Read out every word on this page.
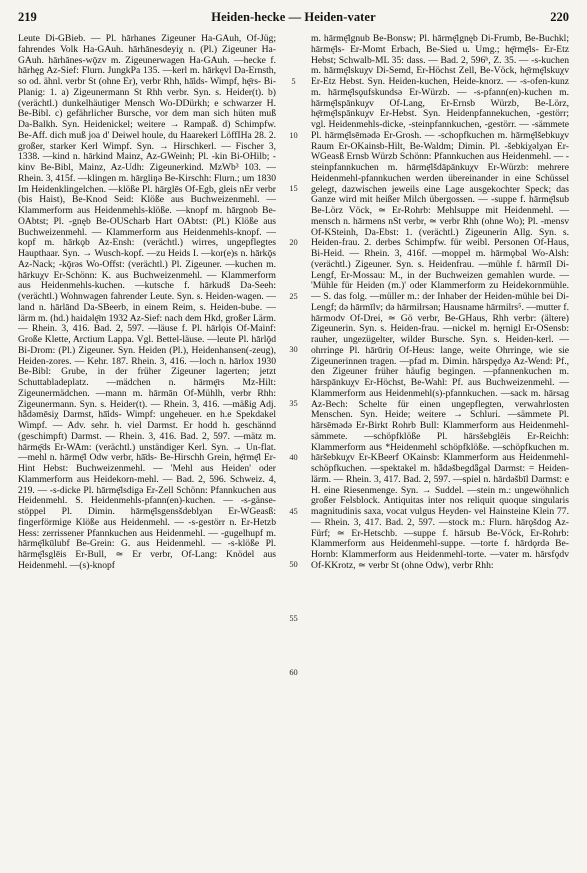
219	Heiden-hecke — Heiden-vater	220

Leute Di-GBieb. — Pl. hārhanes Zigeuner Ha-GAuh, Of-Jüg; fahrendes Volk Ha-GAuh. hārhānesdeyiχ n. (Pl.) Zigeuner Ha-GAuh. hārhānes-wǭzv m. Zigeunerwagen Ha-GAuh. —hecke f. hārhęg Az-Sief: Flurn. JungkPa 135. —kerl m. hārkęvl Da-Ernsth, so od. ähnl. verbr St (ohne Er), verbr Rhh, hā̄ids- Wimpf, hę̄rs- Bi-Planig: 1. a) Zigeunermann St Rhh verbr. Syn. s. Heider(t). b) (verächtl.) dunkelhäutiger Mensch Wo-DDürkh; e schwarzer H. Be-Bibl. c) gefährlicher Bursche, vor dem man sich hüten muß Da-Balkh. Syn. Heidenickel; weitere → Rampaß. d) Schimpfw. Be-Aff. dich muß joa d' Deiwel houle, du Haarekerl LöffIHa 28. 2. großer, starker Kerl Wimpf. Syn. → Hirschkerl. — Fischer 3, 1338. —kind n. hārkind Mainz, Az-GWeinh; Pl. -kin Bi-OHilb; -kinv Be-Bibl, Mainz, Az-Udh: Zigeunerkind. MzWb³ 103. — Rhein. 3, 415f. —klingen m. hārgliŋə Be-Kirschh: Flurn.; um 1830 Im Heidenklingelchen. —klöße Pl. hārglēs Of-Egb, gleis nEr verbr (bis Haist), Be-Knod Seid: Klöße aus Buchweizenmehl. — Klammerform aus Heidenmehls-klöße. —knopf m. hārgnob Be-OAbtst; Pl. -gnęb Be-OUScharb Hart OAbtst: (Pl.) Klöße aus Buchweizenmehl. — Klammerform aus Heidenmehls-knopf. —kopf m. hārkǫb Az-Ensh: (verächtl.) wirres, ungepflegtes Haupthaar. Syn. → Wusch-kopf. —zu Heids I. —kor(e)s n. hārkǭs Az-Nack; -kǭrəs Wo-Offst: (verächtl.) Pl. Zigeuner. —kuchen m. hārkuχv Er-Schönn: K. aus Buchweizenmehl. — Klammerform aus Heidenmehls-kuchen. —kutsche f. hārkudš Da-Seeh: (verächtl.) Wohnwagen fahrender Leute. Syn. s. Heiden-wagen. —land n. hārlānd Da-SBeerb, in einem Reim, s. Heiden-bube. —lärm m. (hd.) haidəlę̄m 1932 Az-Sief: nach dem Hkd, großer Lärm. — Rhein. 3, 416. Bad. 2, 597. —läuse f. Pl. hārlǫis Of-Mainf: Große Klette, Arctium Lappa. Vgl. Bettel-läuse. —leute Pl. hārlǭd Bi-Drom: (Pl.) Zigeuner. Syn. Heiden (Pl.), Heidenhansen(-zeug), Heiden-zores. — Kehr. 187. Rhein. 3, 416. —loch n. hārlox 1930 Be-Bibl: Grube, in der früher Zigeuner lagerten; jetzt Schuttabladeplatz. —mädchen n. hārmę̄rs Mz-Hilt: Zigeunermädchen. —mann m. hārmān Of-Mühlh, verbr Rhh: Zigeunermann. Syn. s. Heider(t). — Rhein. 3, 416. —mäßig Adj. hǟdəmēsiχ Darmst, hā̄ids- Wimpf: ungeheuer. en h.e Spekdakel Wimpf. — Adv. sehr. h. viel Darmst. Er hodd h. geschännd (geschimpft) Darmst. — Rhein. 3, 416. Bad. 2, 597. —mätz m. hārmę̄ds Er-WAm: (verächtl.) unständiger Kerl. Syn. → Un-flat. —mehl n. hārmę̄l Odw verbr, hā̄ds- Be-Hirschh Grein, hę̄rmę̄l Er-Hint Hebst: Buchweizenmehl. — 'Mehl aus Heiden' oder Klammerform aus Heidekorn-mehl. — Bad. 2, 596. Schweiz. 4, 219. — -s-dicke Pl. hārmę̄lsdigə Er-Zell Schönn: Pfannkuchen aus Heidenmehl. S. Heidenmehls-pfann(en)-kuchen. — -s-gänse-stöppel Pl. Dimin. hārmę̄lsgensšdeblχən Er-WGeasß: fingerförmige Klöße aus Heidenmehl. — -s-gestörr n. Er-Hetzb Hess: zerrissener Pfannkuchen aus Heidenmehl. — -gugelhupf m. hārmę̄lkūlubf Be-Grein: G. aus Heidenmehl. — -s-klöße Pl. hārmę̄lsglēis Er-Bull, ≃ Er verbr, Of-Lang: Knödel aus Heidenmehl. —(s)-knopf

5
10
15
20
25
30
35
40
45
50
55
60

m. hārmę̄lgnub Be-Bonsw; Pl. hārmę̄lgnęb Di-Frumb, Be-Buchkl; hārmę̄ls- Er-Momt Erbach, Be-Sied u. Umg.; hę̄rmę̄ls- Er-Etz Hebst; Schwalb-ML 35: dass. — Bad. 2, 596ᵇ, Z. 35. — -s-kuchen m. hārmę̄lskuχv Di-Semd, Er-Höchst Zell, Be-Vöck, hę̄rmę̄lskuχv Er-Etz Hebst. Syn. Heiden-kuchen, Heide-knorz. — -s-ofen-kunz m. hārmę̄lsǫufskundsə Er-Würzb. — -s-pfann(en)-kuchen m. hārmę̄lspānkuχv Of-Lang, Er-Ernsb Würzb, Be-Lörz, hę̄rmę̄lspānkuχv Er-Hebst. Syn. Heidenpfannekuchen, -gestörr; vgl. Heidenmehls-dicke, -steinpfannkuchen, -gestörr. — -sämmete Pl. hārmę̄lsēmədə Er-Grosh. — -schopfkuchen m. hārmę̄lšebkuχv Raum Er-OKainsb-Hilt, Be-Waldm; Dimin. Pl. -šebkiχəlχən Er-WGeasß Ernsb Würzb Schönn: Pfannkuchen aus Heidenmehl. — -steinpfannkuchen m. hārmę̄lšdāpānkuχv Er-Würzb: mehrere Heidenmehl-pfannkuchen werden übereinander in eine Schüssel gelegt, dazwischen jeweils eine Lage ausgekochter Speck; das Ganze wird mit heißer Milch übergossen. — -suppe f. hārmę̄lsub Be-Lörz Vöck, ≃ Er-Rohrb: Mehlsuppe mit Heidenmehl. —mensch n. hārmens nSt verbr, ≃ verbr Rhh (ohne Wo); Pl. -mensv Of-KSteinh, Da-Ebst: 1. (verächtl.) Zigeunerin Allg. Syn. s. Heiden-frau. 2. derbes Schimpfw. für weibl. Personen Of-Haus, Bi-Heid. — Rhein. 3, 416f. —moppel m. hārmǫbəl Wo-Alsh: (verächtl.) Zigeuner. Syn. s. Heidenfrau. —mühle f. hārmīl Di-Lengf, Er-Mossau: M., in der Buchweizen gemahlen wurde. — 'Mühle für Heiden (m.)' oder Klammerform zu Heidekornmühle. — S. das folg. —müller m.: der Inhaber der Heiden-mühle bei Di-Lengf; dǝ hārmīlv; dǝ hārmilrsən; Hausname hārmilrs⁵. —mutter f. hārmodv Of-Drei, ≃ Gö verbr, Be-GHaus, Rhh verbr: (ältere) Zigeunerin. Syn. s. Heiden-frau. —nickel m. hęrnigl Er-OSensb: rauher, ungezügelter, wilder Bursche. Syn. s. Heiden-kerl. —ohrringe Pl. hārūriŋ Of-Heus: lange, weite Ohrringe, wie sie Zigeunerinnen tragen. —pfad m. Dimin. hārspędχə Az-Wend: Pf., den Zigeuner früher häufig begingen. —pfannenkuchen m. hārspānkuχv Er-Höchst, Be-Wahl: Pf. aus Buchweizenmehl. — Klammerform aus Heidenmehl(s)-pfannkuchen. —sack m. hārsag Az-Bech: Schelte für einen ungepflegten, verwahrlosten Menschen. Syn. Heide; weitere → Schluri. —sämmete Pl. hārsēmədə Er-Birkt Rohrb Bull: Klammerform aus Heidenmehl-sämmete. —schöpfklöße Pl. hārsšebglēis Er-Reichh: Klammerform aus *Heidenmehl schöpfklöße. —schöpfkuchen m. hāršebkuχv Er-KBeerf OKainsb: Klammerform aus Heidenmehl-schöpfkuchen. —spektakel m. hǟdəšbegdǟgəl Darmst: = Heiden-lärm. — Rhein. 3, 417. Bad. 2, 597. —spiel n. hārdəšbīl Darmst: e H. eine Riesenmenge. Syn. → Suddel. —stein m.: ungewöhnlich großer Felsblock. Antiquitas inter nos reliquit quoque singularis magnitudinis saxa, vocat vulgus Heyden- vel Hainsteine Klein 77. — Rhein. 3, 417. Bad. 2, 597. —stock m.: Flurn. hārǫšdog Az-Fürf; ≃ Er-Hetschb. —suppe f. hārsub Be-Vöck, Er-Rohrb: Klammerform aus Heidenmehl-suppe. —torte f. hārdǫrdə Be-Hornb: Klammerform aus Heidenmehl-torte. —vater m. hārsfǫdv Of-KKrotz, ≃ verbr St (ohne Odw), verbr Rhh:
